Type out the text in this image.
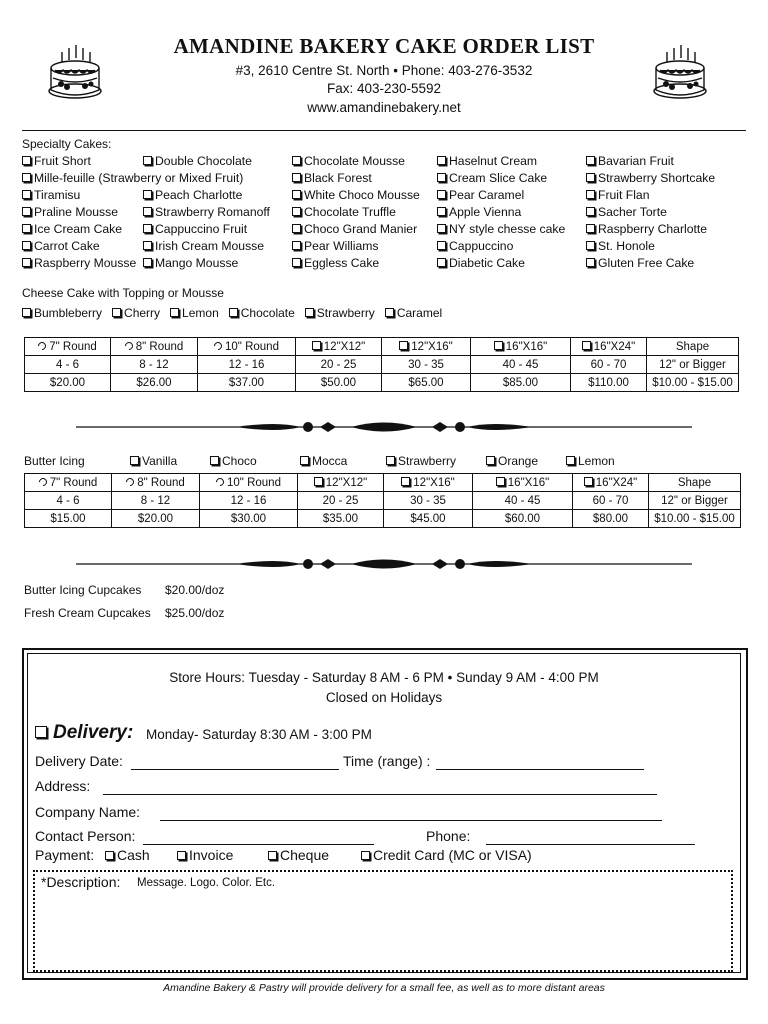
AMANDINE BAKERY CAKE ORDER LIST
#3, 2610 Centre St. North • Phone: 403-276-3532
Fax: 403-230-5592
www.amandinebakery.net
Specialty Cakes:
Fruit Short	Double Chocolate	Chocolate Mousse	Haselnut Cream	Bavarian Fruit
Mille-feuille (Strawberry or Mixed Fruit)	Black Forest	Cream Slice Cake	Strawberry Shortcake
Tiramisu	Peach Charlotte	White Choco Mousse	Pear Caramel	Fruit Flan
Praline Mousse	Strawberry Romanoff	Chocolate Truffle	Apple Vienna	Sacher Torte
Ice Cream Cake	Cappuccino Fruit	Choco Grand Manier	NY style chesse cake	Raspberry Charlotte
Carrot Cake	Irish Cream Mousse	Pear Williams	Cappuccino	St. Honole
Raspberry Mousse	Mango Mousse	Eggless Cake	Diabetic Cake	Gluten Free Cake
Cheese Cake with Topping or Mousse
Bumbleberry	Cherry	Lemon	Chocolate	Strawberry	Caramel
7" Round	8" Round	10" Round	12"X12"	12"X16"	16"X16"	16"X24"	Shape
4 - 6	8 - 12	12 - 16	20 - 25	30 - 35	40 - 45	60 - 70	12" or Bigger
$20.00	$26.00	$37.00	$50.00	$65.00	$85.00	$110.00	$10.00 - $15.00
Butter Icing	Vanilla	Choco	Mocca	Strawberry	Orange	Lemon
7" Round	8" Round	10" Round	12"X12"	12"X16"	16"X16"	16"X24"	Shape
4 - 6	8 - 12	12 - 16	20 - 25	30 - 35	40 - 45	60 - 70	12" or Bigger
$15.00	$20.00	$30.00	$35.00	$45.00	$60.00	$80.00	$10.00 - $15.00
Butter Icing Cupcakes $20.00/doz
Fresh Cream Cupcakes $25.00/doz
Store Hours: Tuesday - Saturday 8 AM - 6 PM • Sunday 9 AM - 4:00 PM
Closed on Holidays
Delivery: Monday- Saturday 8:30 AM - 3:00 PM
Delivery Date:	Time (range) :
Address:
Company Name:
Contact Person:	Phone:
Payment:	Cash	Invoice	Cheque	Credit Card (MC or VISA)
*Description: Message. Logo. Color. Etc.
Amandine Bakery & Pastry will provide delivery for a small fee, as well as to more distant areas
